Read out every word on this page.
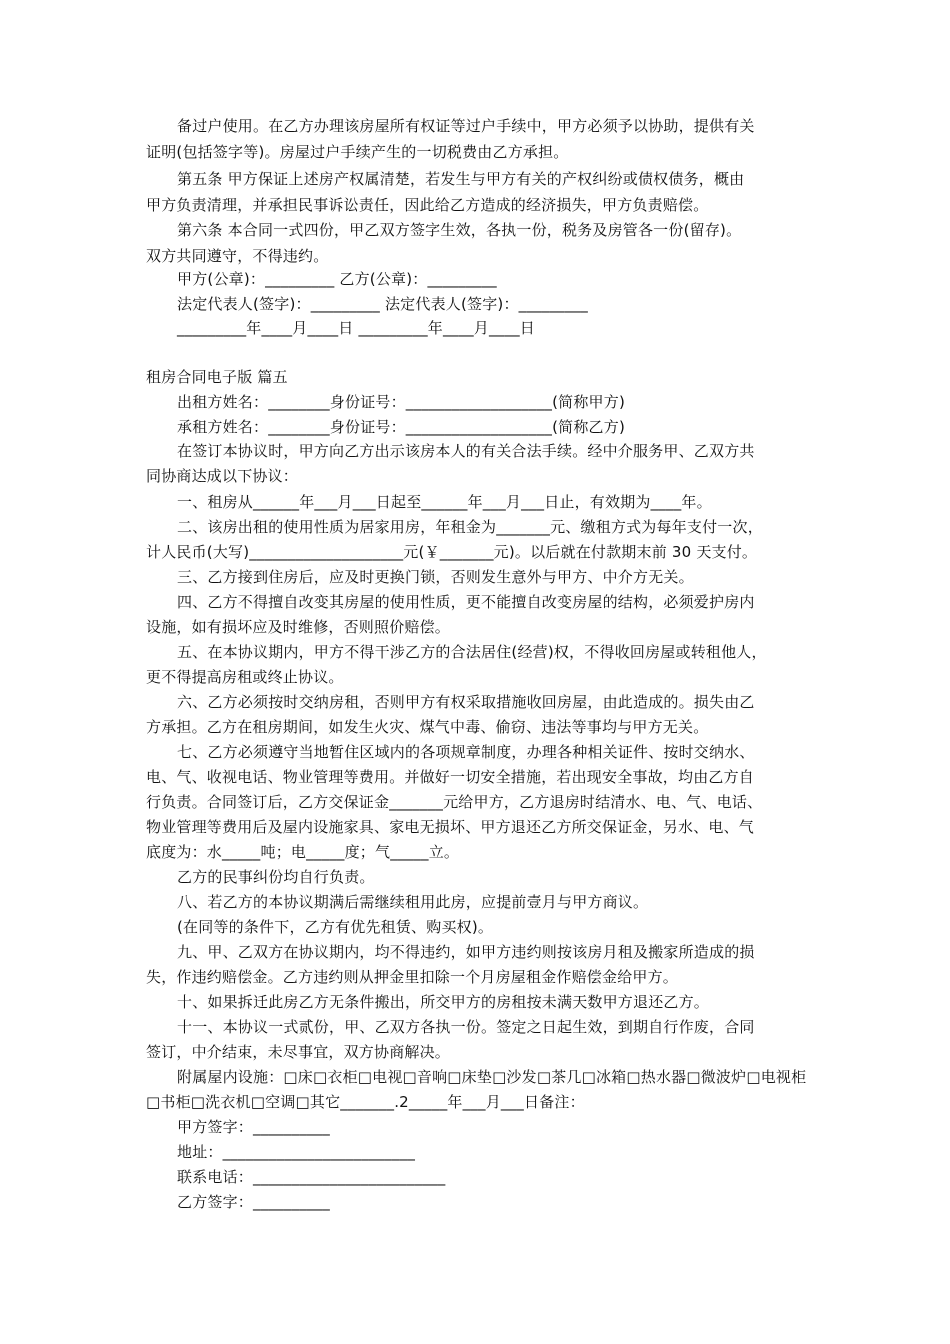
备过户使用。在乙方办理该房屋所有权证等过户手续中，甲方必须予以协助，提供有关
证明(包括签字等)。房屋过户手续产生的一切税费由乙方承担。
第五条 甲方保证上述房产权属清楚，若发生与甲方有关的产权纠纷或债权债务，概由
甲方负责清理，并承担民事诉讼责任，因此给乙方造成的经济损失，甲方负责赔偿。
第六条 本合同一式四份，甲乙双方签字生效，各执一份，税务及房管各一份(留存)。
双方共同遵守，不得违约。
甲方(公章)：_________ 乙方(公章)：_________
法定代表人(签字)：_________ 法定代表人(签字)：_________
_________年____月____日 _________年____月____日
租房合同电子版 篇五
出租方姓名：________身份证号：___________________(简称甲方)
承租方姓名：________身份证号：___________________(简称乙方)
在签订本协议时，甲方向乙方出示该房本人的有关合法手续。经中介服务甲、乙双方共
同协商达成以下协议：
一、租房从______年___月___日起至______年___月___日止，有效期为____年。
二、该房出租的使用性质为居家用房，年租金为_______元、缴租方式为每年支付一次，
计人民币(大写)____________________元(￥_______元)。以后就在付款期末前 30 天支付。
三、乙方接到住房后，应及时更换门锁，否则发生意外与甲方、中介方无关。
四、乙方不得擅自改变其房屋的使用性质，更不能擅自改变房屋的结构，必须爱护房内
设施，如有损坏应及时维修，否则照价赔偿。
五、在本协议期内，甲方不得干涉乙方的合法居住(经营)权，不得收回房屋或转租他人，
更不得提高房租或终止协议。
六、乙方必须按时交纳房租，否则甲方有权采取措施收回房屋，由此造成的。损失由乙
方承担。乙方在租房期间，如发生火灾、煤气中毒、偷窃、违法等事均与甲方无关。
七、乙方必须遵守当地暂住区域内的各项规章制度，办理各种相关证件、按时交纳水、
电、气、收视电话、物业管理等费用。并做好一切安全措施，若出现安全事故，均由乙方自
行负责。合同签订后，乙方交保证金_______元给甲方，乙方退房时结清水、电、气、电话、
物业管理等费用后及屋内设施家具、家电无损坏、甲方退还乙方所交保证金，另水、电、气
底度为：水_____吨；电_____度；气_____立。
乙方的民事纠份均自行负责。
八、若乙方的本协议期满后需继续租用此房，应提前壹月与甲方商议。
(在同等的条件下，乙方有优先租赁、购买权)。
九、甲、乙双方在协议期内，均不得违约，如甲方违约则按该房月租及搬家所造成的损
失，作违约赔偿金。乙方违约则从押金里扣除一个月房屋租金作赔偿金给甲方。
十、如果拆迁此房乙方无条件搬出，所交甲方的房租按未满天数甲方退还乙方。
十一、本协议一式贰份，甲、乙双方各执一份。签定之日起生效，到期自行作废，合同
签订，中介结束，未尽事宜，双方协商解决。
附属屋内设施：□床□衣柜□电视□音响□床垫□沙发□茶几□冰箱□热水器□微波炉□电视柜
□书柜□洗衣机□空调□其它_______.2_____年___月___日备注：
甲方签字：__________
地址：_________________________
联系电话：_________________________
乙方签字：__________
